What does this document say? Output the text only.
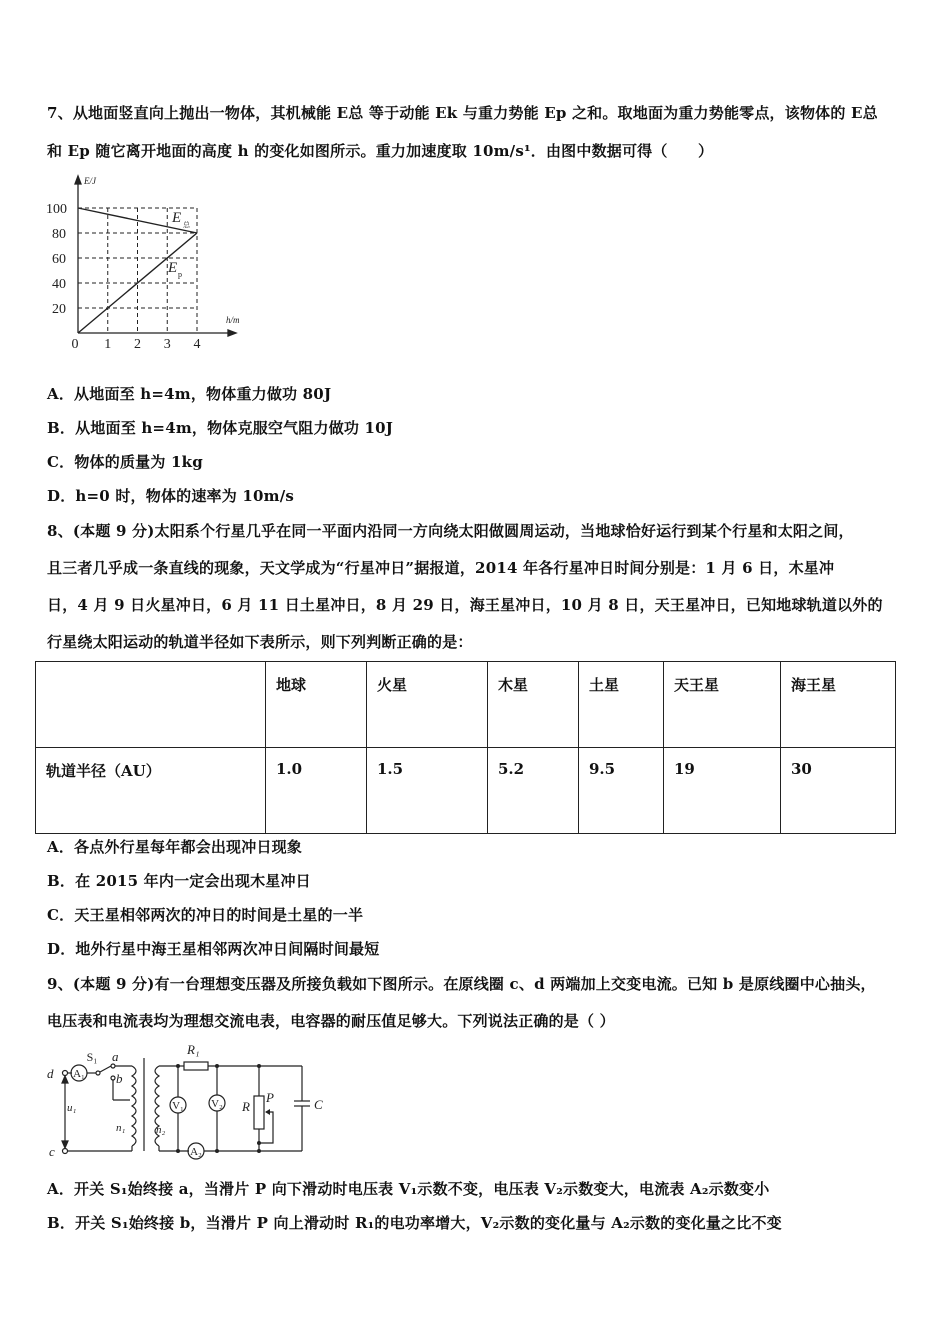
7、从地面竖直向上抛出一物体，其机械能 E总 等于动能 Ek 与重力势能 Ep 之和。取地面为重力势能零点，该物体的 E总
和 Ep 随它离开地面的高度 h 的变化如图所示。重力加速度取 10m/s¹．由图中数据可得（　　）
100
80
60
40
20
0 1 2 3 4
E/J
h/m
E 总
E p
A．从地面至 h=4m，物体重力做功 80J
B．从地面至 h=4m，物体克服空气阻力做功 10J
C．物体的质量为 1kg
D．h=0 时，物体的速率为 10m/s
8、(本题 9 分)太阳系个行星几乎在同一平面内沿同一方向绕太阳做圆周运动，当地球恰好运行到某个行星和太阳之间，
且三者几乎成一条直线的现象，天文学成为“行星冲日”据报道，2014 年各行星冲日时间分别是：1 月 6 日，木星冲
日，4 月 9 日火星冲日，6 月 11 日土星冲日，8 月 29 日，海王星冲日，10 月 8 日，天王星冲日，已知地球轨道以外的
行星绕太阳运动的轨道半径如下表所示，则下列判断正确的是：
	地球	火星	木星	土星	天王星	海王星
轨道半径（AU）	1.0	1.5	5.2	9.5	19	30
A．各点外行星每年都会出现冲日现象
B．在 2015 年内一定会出现木星冲日
C．天王星相邻两次的冲日的时间是土星的一半
D．地外行星中海王星相邻两次冲日间隔时间最短
9、(本题 9 分)有一台理想变压器及所接负载如下图所示。在原线圈 c、d 两端加上交变电流。已知 b 是原线圈中心抽头，
电压表和电流表均为理想交流电表，电容器的耐压值足够大。下列说法正确的是（ ）
d
c
u₁
a
b
n₁	n₂
R₁
R
P	C
A₁
V₁ V₂
A₂
S₁
A．开关 S₁始终接 a，当滑片 P 向下滑动时电压表 V₁示数不变，电压表 V₂示数变大，电流表 A₂示数变小
B．开关 S₁始终接 b，当滑片 P 向上滑动时 R₁的电功率增大，V₂示数的变化量与 A₂示数的变化量之比不变
